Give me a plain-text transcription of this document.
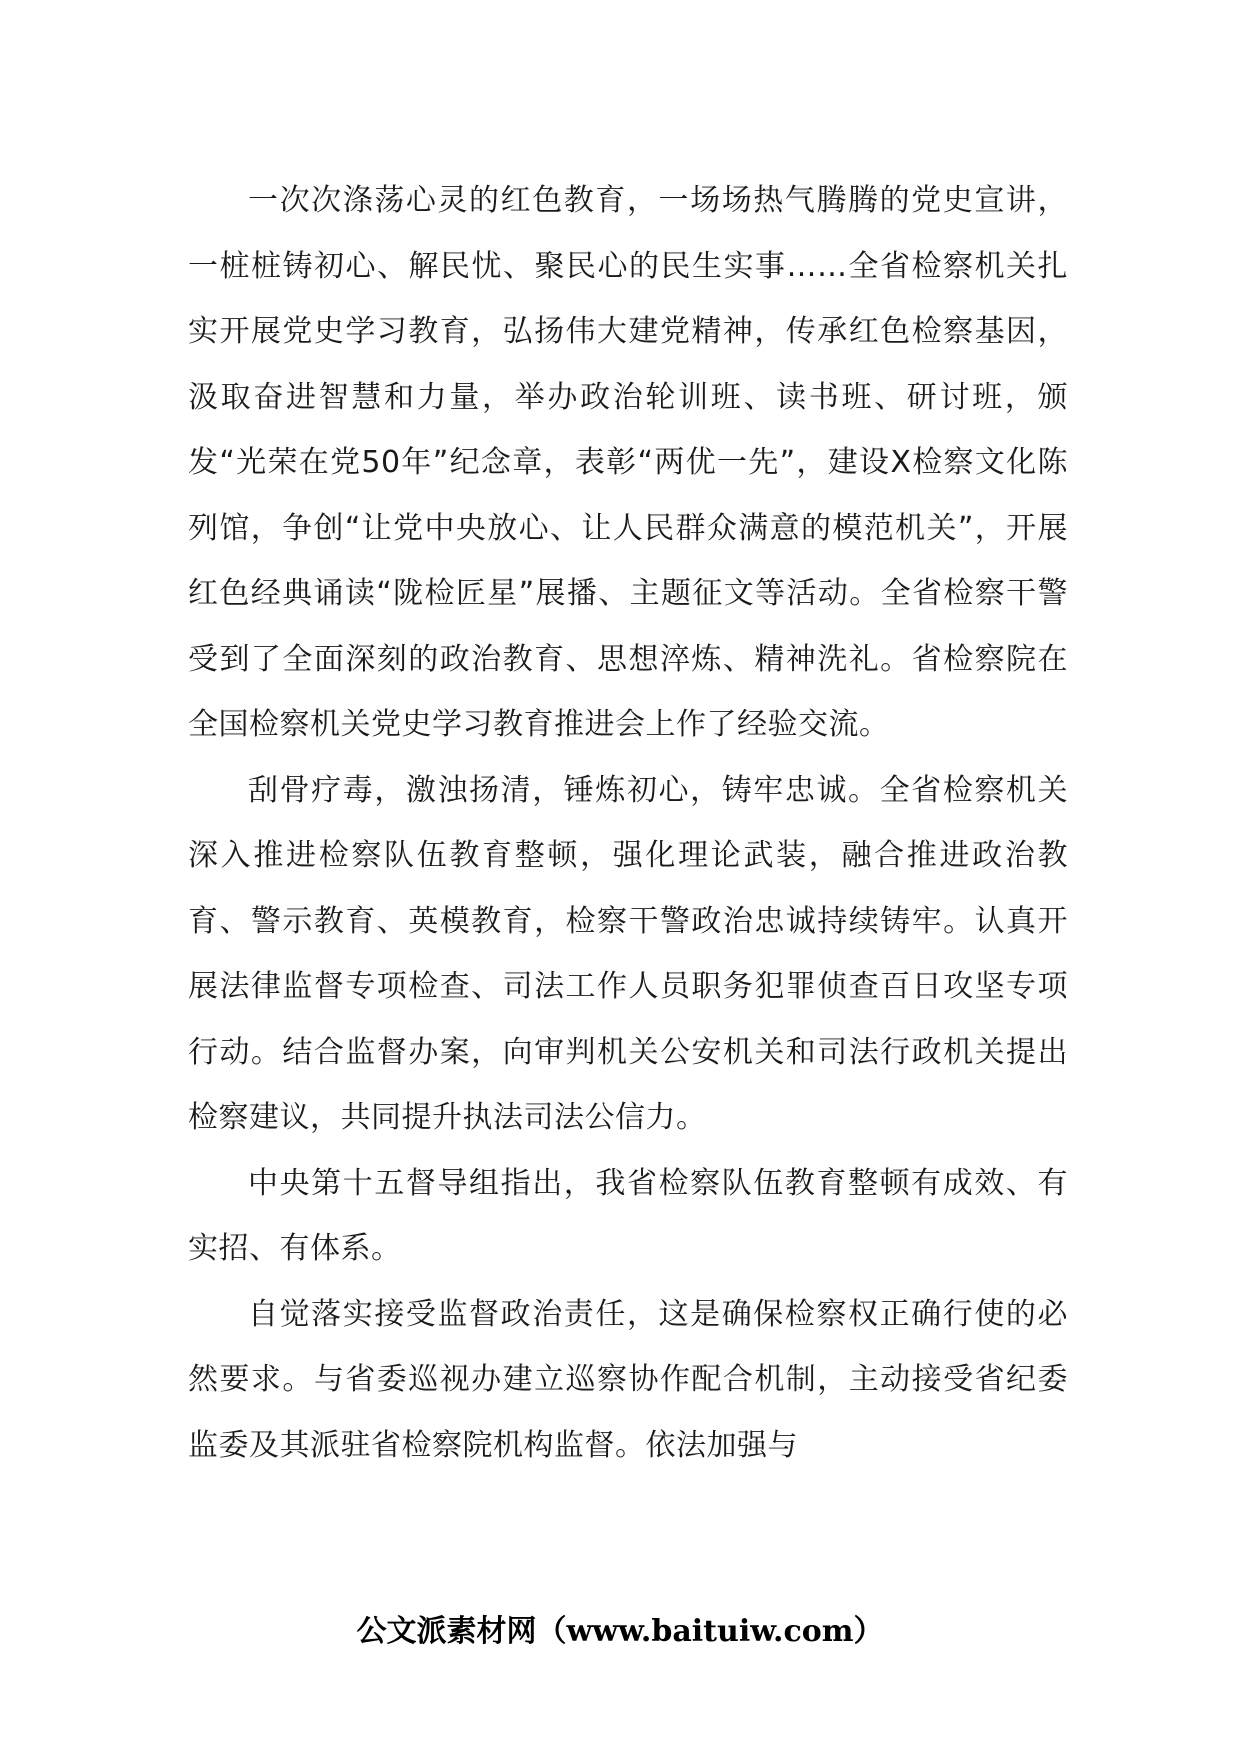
一次次涤荡心灵的红色教育，一场场热气腾腾的党史宣讲，一桩桩铸初心、解民忧、聚民心的民生实事……全省检察机关扎实开展党史学习教育，弘扬伟大建党精神，传承红色检察基因，汲取奋进智慧和力量，举办政治轮训班、读书班、研讨班，颁发“光荣在党50年”纪念章，表彰“两优一先”，建设X检察文化陈列馆，争创“让党中央放心、让人民群众满意的模范机关”，开展红色经典诵读“陇检匠星”展播、主题征文等活动。全省检察干警受到了全面深刻的政治教育、思想淬炼、精神洗礼。省检察院在全国检察机关党史学习教育推进会上作了经验交流。

刮骨疗毒，激浊扬清，锤炼初心，铸牢忠诚。全省检察机关深入推进检察队伍教育整顿，强化理论武装，融合推进政治教育、警示教育、英模教育，检察干警政治忠诚持续铸牢。认真开展法律监督专项检查、司法工作人员职务犯罪侦查百日攻坚专项行动。结合监督办案，向审判机关公安机关和司法行政机关提出检察建议，共同提升执法司法公信力。

中央第十五督导组指出，我省检察队伍教育整顿有成效、有实招、有体系。

自觉落实接受监督政治责任，这是确保检察权正确行使的必然要求。与省委巡视办建立巡察协作配合机制，主动接受省纪委监委及其派驻省检察院机构监督。依法加强与

公文派素材网（www.baituiw.com）
